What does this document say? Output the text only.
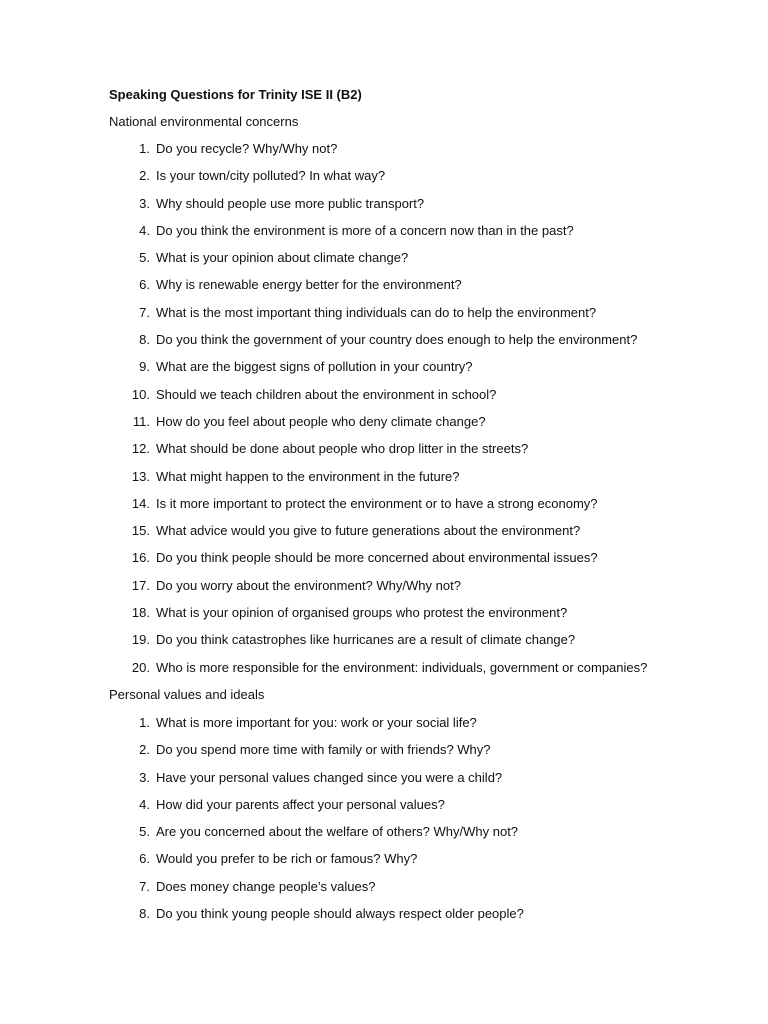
Speaking Questions for Trinity ISE II (B2)
National environmental concerns
1. Do you recycle? Why/Why not?
2. Is your town/city polluted? In what way?
3. Why should people use more public transport?
4. Do you think the environment is more of a concern now than in the past?
5. What is your opinion about climate change?
6. Why is renewable energy better for the environment?
7. What is the most important thing individuals can do to help the environment?
8. Do you think the government of your country does enough to help the environment?
9. What are the biggest signs of pollution in your country?
10. Should we teach children about the environment in school?
11. How do you feel about people who deny climate change?
12. What should be done about people who drop litter in the streets?
13. What might happen to the environment in the future?
14. Is it more important to protect the environment or to have a strong economy?
15. What advice would you give to future generations about the environment?
16. Do you think people should be more concerned about environmental issues?
17. Do you worry about the environment? Why/Why not?
18. What is your opinion of organised groups who protest the environment?
19. Do you think catastrophes like hurricanes are a result of climate change?
20. Who is more responsible for the environment: individuals, government or companies?
Personal values and ideals
1. What is more important for you: work or your social life?
2. Do you spend more time with family or with friends? Why?
3. Have your personal values changed since you were a child?
4. How did your parents affect your personal values?
5. Are you concerned about the welfare of others? Why/Why not?
6. Would you prefer to be rich or famous? Why?
7. Does money change people’s values?
8. Do you think young people should always respect older people?
